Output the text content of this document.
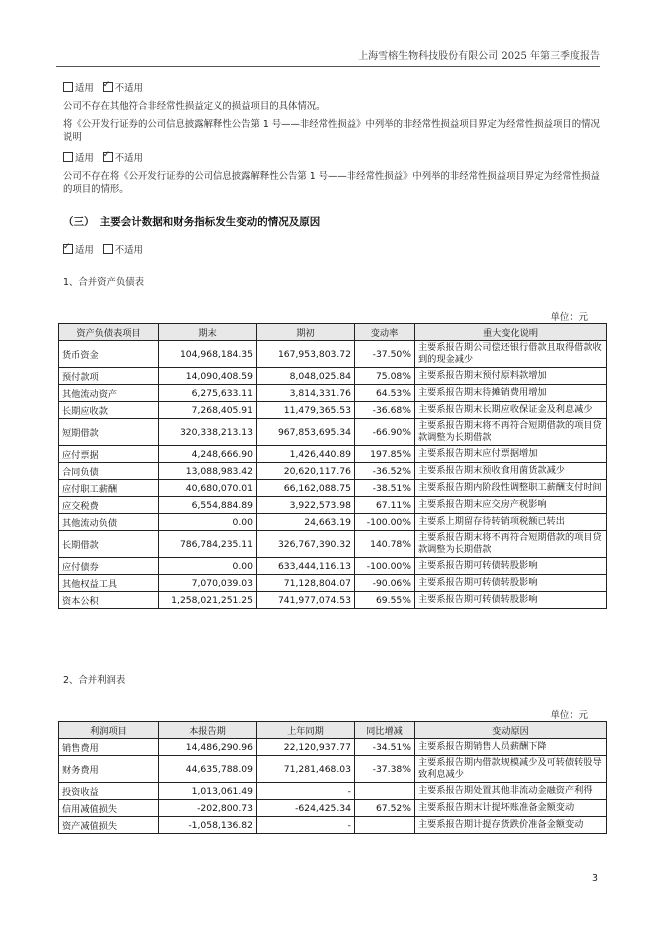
上海雪榕生物科技股份有限公司 2025 年第三季度报告
适用 ✓ 不适用
公司不存在其他符合非经常性损益定义的损益项目的具体情况。
将《公开发行证券的公司信息披露解释性公告第 1 号——非经常性损益》中列举的非经常性损益项目界定为经常性损益项目的情况说明
适用 ✓ 不适用
公司不存在将《公开发行证券的公司信息披露解释性公告第 1 号——非经常性损益》中列举的非经常性损益项目界定为经常性损益的项目的情形。
（三）　主要会计数据和财务指标发生变动的情况及原因
✓适用 不适用
1、合并资产负债表
单位：元
资产负债表项目	期末	期初	变动率	重大变化说明
货币资金	104,968,184.35	167,953,803.72	-37.50%	主要系报告期公司偿还银行借款且取得借款收到的现金减少
预付款项	14,090,408.59	8,048,025.84	75.08%	主要系报告期末预付原料款增加
其他流动资产	6,275,633.11	3,814,331.76	64.53%	主要系报告期末待摊销费用增加
长期应收款	7,268,405.91	11,479,365.53	-36.68%	主要系报告期末长期应收保证金及利息减少
短期借款	320,338,213.13	967,853,695.34	-66.90%	主要系报告期末将不再符合短期借款的项目贷款调整为长期借款
应付票据	4,248,666.90	1,426,440.89	197.85%	主要系报告期末应付票据增加
合同负债	13,088,983.42	20,620,117.76	-36.52%	主要系报告期末预收食用菌货款减少
应付职工薪酬	40,680,070.01	66,162,088.75	-38.51%	主要系报告期内阶段性调整职工薪酬支付时间
应交税费	6,554,884.89	3,922,573.98	67.11%	主要系报告期末应交房产税影响
其他流动负债	0.00	24,663.19	-100.00%	主要系上期留存待转销项税额已转出
长期借款	786,784,235.11	326,767,390.32	140.78%	主要系报告期末将不再符合短期借款的项目贷款调整为长期借款
应付债券	0.00	633,444,116.13	-100.00%	主要系报告期可转债转股影响
其他权益工具	7,070,039.03	71,128,804.07	-90.06%	主要系报告期可转债转股影响
资本公积	1,258,021,251.25	741,977,074.53	69.55%	主要系报告期可转债转股影响
2、合并利润表
单位：元
利润项目	本报告期	上年同期	同比增减	变动原因
销售费用	14,486,290.96	22,120,937.77	-34.51%	主要系报告期销售人员薪酬下降
财务费用	44,635,788.09	71,281,468.03	-37.38%	主要系报告期内借款规模减少及可转债转股导致利息减少
投资收益	1,013,061.49	-		主要系报告期处置其他非流动金融资产利得
信用减值损失	-202,800.73	-624,425.34	67.52%	主要系报告期末计提坏账准备金额变动
资产减值损失	-1,058,136.82	-		主要系报告期计提存货跌价准备金额变动
3
